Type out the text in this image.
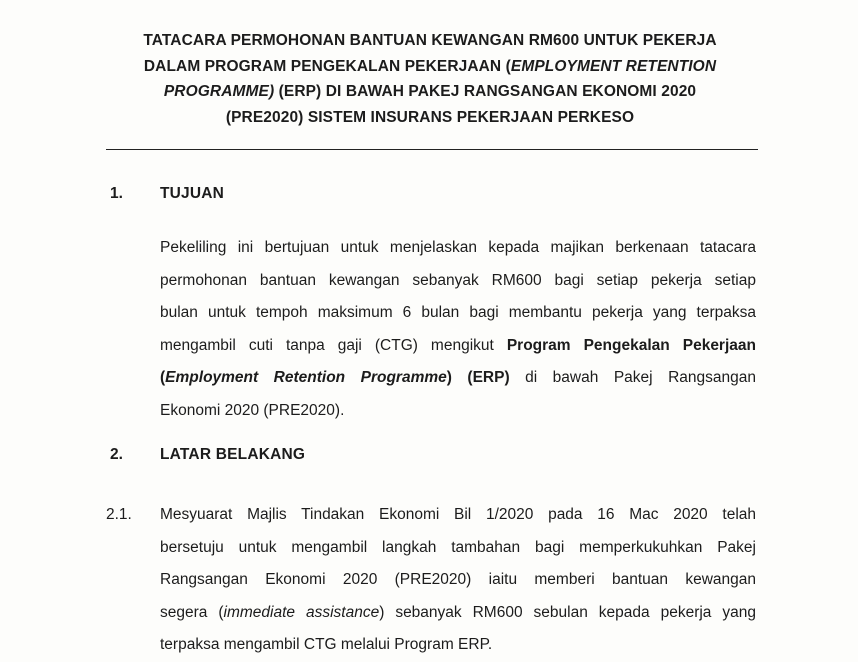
TATACARA PERMOHONAN BANTUAN KEWANGAN RM600 UNTUK PEKERJA
DALAM PROGRAM PENGEKALAN PEKERJAAN (EMPLOYMENT RETENTION
PROGRAMME) (ERP) DI BAWAH PAKEJ RANGSANGAN EKONOMI 2020
(PRE2020) SISTEM INSURANS PEKERJAAN PERKESO
1. TUJUAN
Pekeliling ini bertujuan untuk menjelaskan kepada majikan berkenaan tatacara
permohonan bantuan kewangan sebanyak RM600 bagi setiap pekerja setiap
bulan untuk tempoh maksimum 6 bulan bagi membantu pekerja yang terpaksa
mengambil cuti tanpa gaji (CTG) mengikut Program Pengekalan Pekerjaan
(Employment Retention Programme) (ERP) di bawah Pakej Rangsangan
Ekonomi 2020 (PRE2020).
2. LATAR BELAKANG
2.1. Mesyuarat Majlis Tindakan Ekonomi Bil 1/2020 pada 16 Mac 2020 telah
bersetuju untuk mengambil langkah tambahan bagi memperkukuhkan Pakej
Rangsangan Ekonomi 2020 (PRE2020) iaitu memberi bantuan kewangan
segera (immediate assistance) sebanyak RM600 sebulan kepada pekerja yang
terpaksa mengambil CTG melalui Program ERP.
